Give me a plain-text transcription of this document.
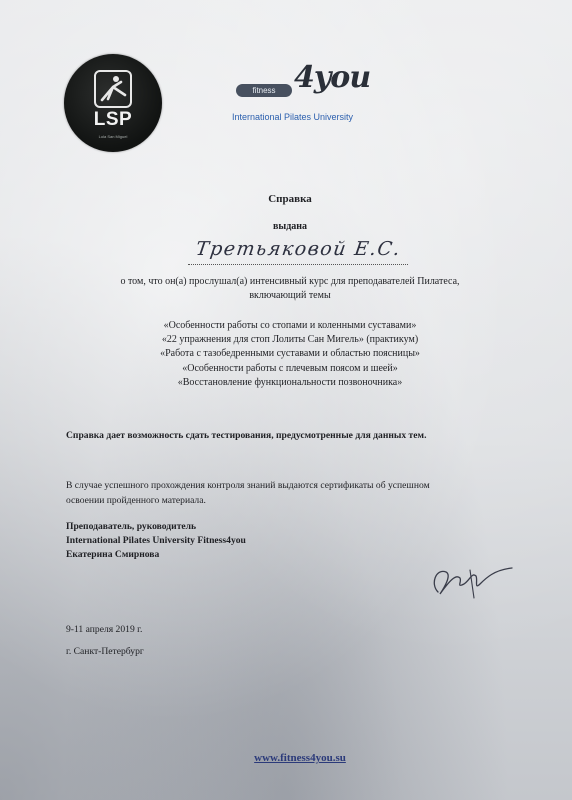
LSP
Lola San Miguel
fitness 4you
International Pilates University
Справка
выдана
Третьяковой Е.С.
о том, что он(а) прослушал(а) интенсивный курс для преподавателей Пилатеса,
включающий темы
«Особенности работы со стопами и коленными суставами»
«22 упражнения для стоп Лолиты Сан Мигель» (практикум)
«Работа с тазобедренными суставами и областью поясницы»
«Особенности работы с плечевым поясом и шеей»
«Восстановление функциональности позвоночника»
Справка дает возможность сдать тестирования, предусмотренные для данных тем.
В случае успешного прохождения контроля знаний выдаются сертификаты об успешном
освоении пройденного материала.
Преподаватель, руководитель
International Pilates University Fitness4you
Екатерина Смирнова
9-11 апреля 2019 г.
г. Санкт-Петербург
www.fitness4you.su
